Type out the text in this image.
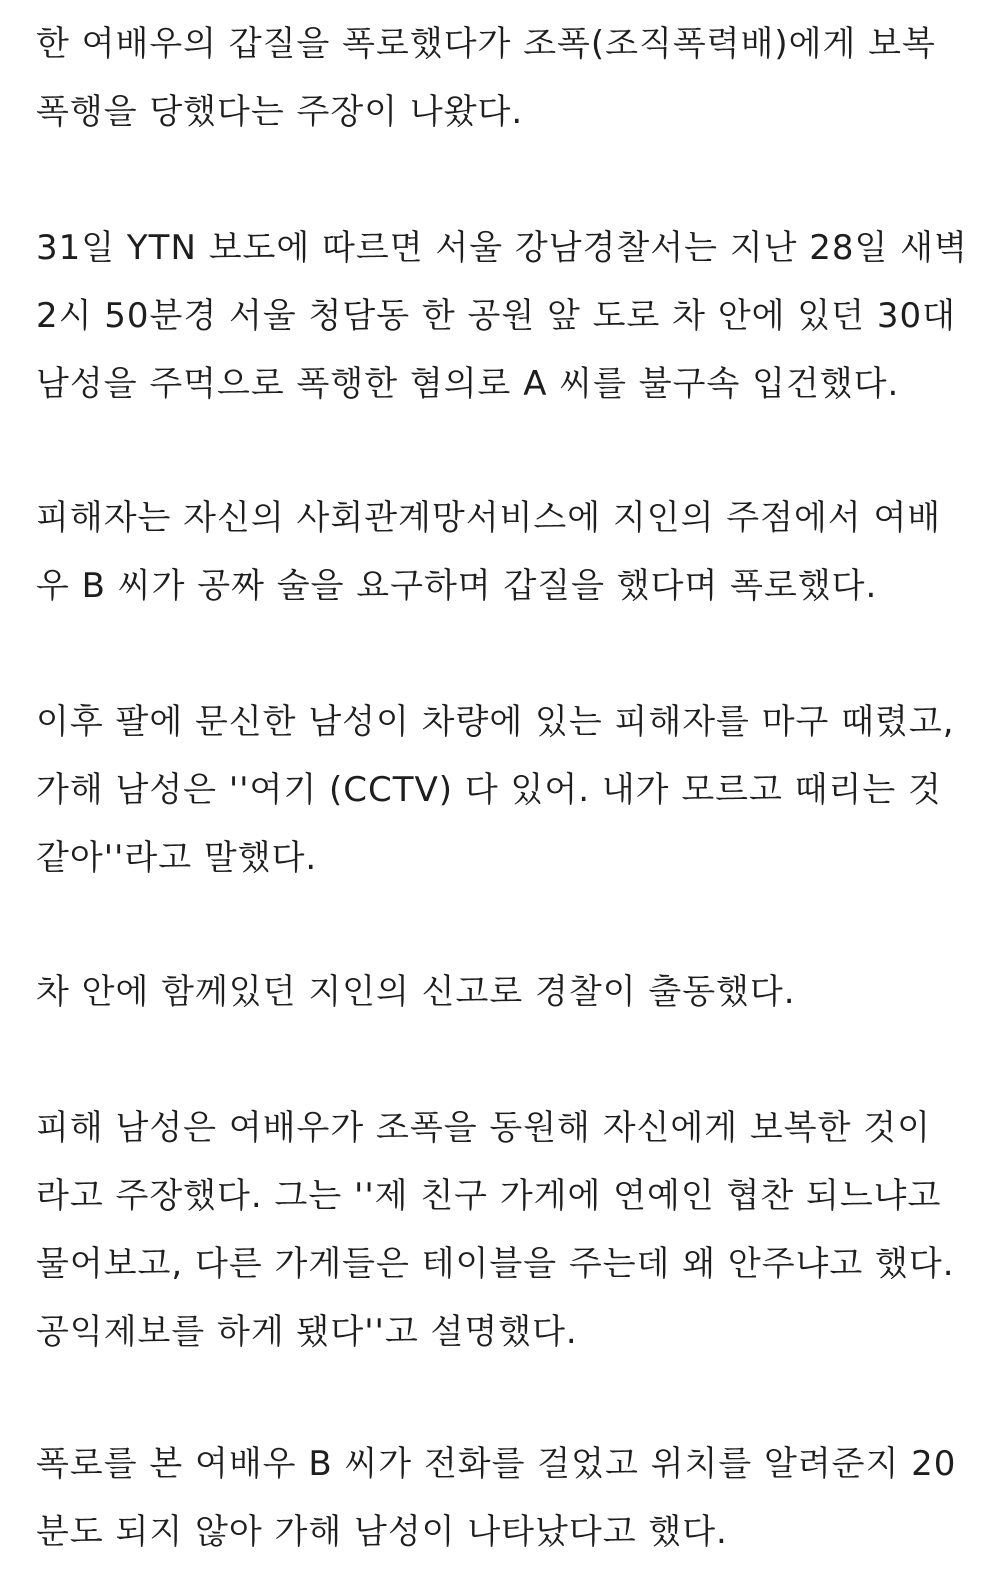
한 여배우의 갑질을 폭로했다가 조폭(조직폭력배)에게 보복
폭행을 당했다는 주장이 나왔다.
31일 YTN 보도에 따르면 서울 강남경찰서는 지난 28일 새벽
2시 50분경 서울 청담동 한 공원 앞 도로 차 안에 있던 30대
남성을 주먹으로 폭행한 혐의로 A 씨를 불구속 입건했다.
피해자는 자신의 사회관계망서비스에 지인의 주점에서 여배
우 B 씨가 공짜 술을 요구하며 갑질을 했다며 폭로했다.
이후 팔에 문신한 남성이 차량에 있는 피해자를 마구 때렸고,
가해 남성은 ''여기 (CCTV) 다 있어. 내가 모르고 때리는 것
같아''라고 말했다.
차 안에 함께있던 지인의 신고로 경찰이 출동했다.
피해 남성은 여배우가 조폭을 동원해 자신에게 보복한 것이
라고 주장했다. 그는 ''제 친구 가게에 연예인 협찬 되느냐고
물어보고, 다른 가게들은 테이블을 주는데 왜 안주냐고 했다.
공익제보를 하게 됐다''고 설명했다.
폭로를 본 여배우 B 씨가 전화를 걸었고 위치를 알려준지 20
분도 되지 않아 가해 남성이 나타났다고 했다.
